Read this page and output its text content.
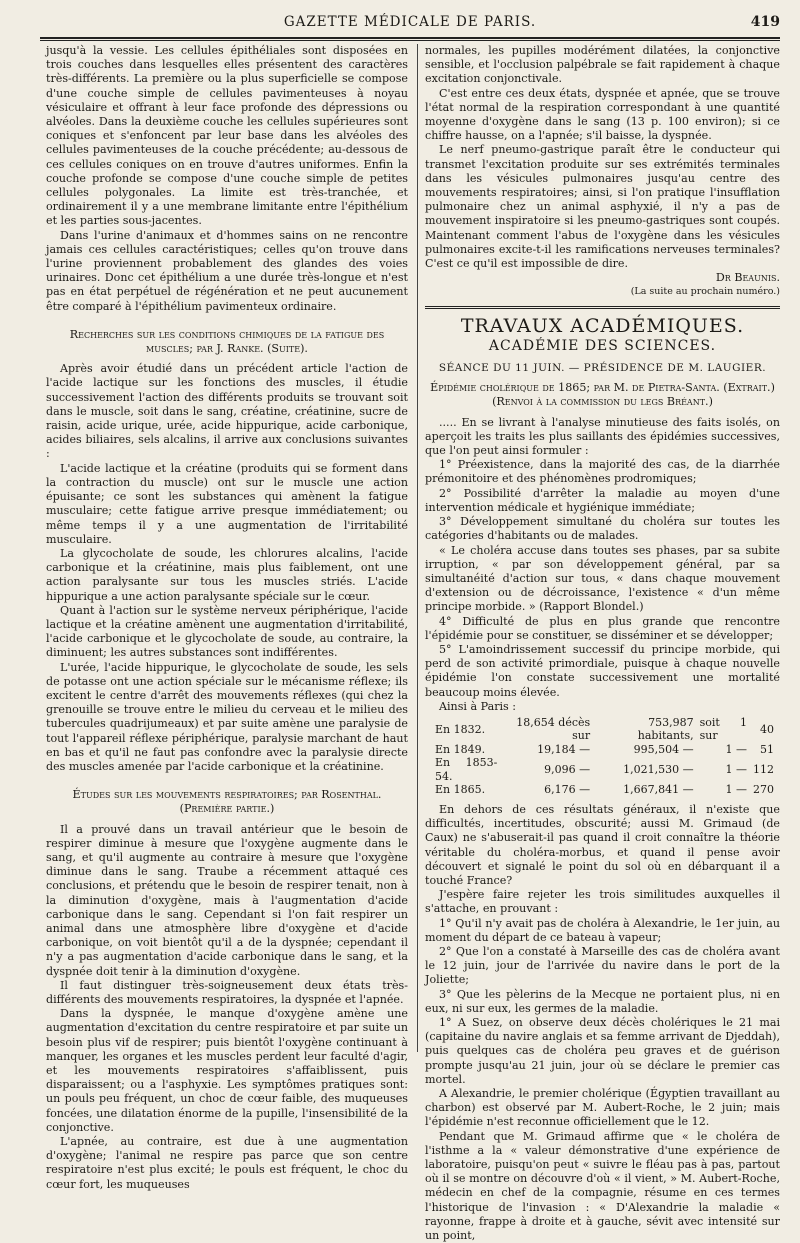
GAZETTE MÉDICALE DE PARIS.	419

jusqu'à la vessie. Les cellules épithéliales sont disposées en trois couches dans lesquelles elles présentent des caractères très-différents. La première ou la plus superficielle se compose d'une couche simple de cellules pavimenteuses à noyau vésiculaire et offrant à leur face profonde des dépressions ou alvéoles. Dans la deuxième couche les cellules supérieures sont coniques et s'enfoncent par leur base dans les alvéoles des cellules pavimenteuses de la couche précédente; au-dessous de ces cellules coniques on en trouve d'autres uniformes. Enfin la couche profonde se compose d'une couche simple de petites cellules polygonales. La limite est très-tranchée, et ordinairement il y a une membrane limitante entre l'épithélium et les parties sous-jacentes.

Dans l'urine d'animaux et d'hommes sains on ne rencontre jamais ces cellules caractéristiques; celles qu'on trouve dans l'urine proviennent probablement des glandes des voies urinaires. Donc cet épithélium a une durée très-longue et n'est pas en état perpétuel de régénération et ne peut aucunement être comparé à l'épithélium pavimenteux ordinaire.

Recherches sur les conditions chimiques de la fatigue des muscles; par J. Ranke. (Suite).

Après avoir étudié dans un précédent article l'action de l'acide lactique sur les fonctions des muscles, il étudie successivement l'action des différents produits se trouvant soit dans le muscle, soit dans le sang, créatine, créatinine, sucre de raisin, acide urique, urée, acide hippurique, acide carbonique, acides biliaires, sels alcalins, il arrive aux conclusions suivantes :

L'acide lactique et la créatine (produits qui se forment dans la contraction du muscle) ont sur le muscle une action épuisante; ce sont les substances qui amènent la fatigue musculaire; cette fatigue arrive presque immédiatement; ou même temps il y a une augmentation de l'irritabilité musculaire.

La glycocholate de soude, les chlorures alcalins, l'acide carbonique et la créatinine, mais plus faiblement, ont une action paralysante sur tous les muscles striés. L'acide hippurique a une action paralysante spéciale sur le cœur.

Quant à l'action sur le système nerveux périphérique, l'acide lactique et la créatine amènent une augmentation d'irritabilité, l'acide carbonique et le glycocholate de soude, au contraire, la diminuent; les autres substances sont indifférentes.

L'urée, l'acide hippurique, le glycocholate de soude, les sels de potasse ont une action spéciale sur le mécanisme réflexe; ils excitent le centre d'arrêt des mouvements réflexes (qui chez la grenouille se trouve entre le milieu du cerveau et le milieu des tubercules quadrijumeaux) et par suite amène une paralysie de tout l'appareil réflexe périphérique, paralysie marchant de haut en bas et qu'il ne faut pas confondre avec la paralysie directe des muscles amenée par l'acide carbonique et la créatinine.

Études sur les mouvements respiratoires; par Rosenthal. (Première partie.)

Il a prouvé dans un travail antérieur que le besoin de respirer diminue à mesure que l'oxygène augmente dans le sang, et qu'il augmente au contraire à mesure que l'oxygène diminue dans le sang. Traube a récemment attaqué ces conclusions, et prétendu que le besoin de respirer tenait, non à la diminution d'oxygène, mais à l'augmentation d'acide carbonique dans le sang. Cependant si l'on fait respirer un animal dans une atmosphère libre d'oxygène et d'acide carbonique, on voit bientôt qu'il a de la dyspnée; cependant il n'y a pas augmentation d'acide carbonique dans le sang, et la dyspnée doit tenir à la diminution d'oxygène.

Il faut distinguer très-soigneusement deux états très-différents des mouvements respiratoires, la dyspnée et l'apnée.

Dans la dyspnée, le manque d'oxygène amène une augmentation d'excitation du centre respiratoire et par suite un besoin plus vif de respirer; puis bientôt l'oxygène continuant à manquer, les organes et les muscles perdent leur faculté d'agir, et les mouvements respiratoires s'affaiblissent, puis disparaissent; ou a l'asphyxie. Les symptômes pratiques sont: un pouls peu fréquent, un choc de cœur faible, des muqueuses foncées, une dilatation énorme de la pupille, l'insensibilité de la conjonctive.

L'apnée, au contraire, est due à une augmentation d'oxygène; l'animal ne respire pas parce que son centre respiratoire n'est plus excité; le pouls est fréquent, le choc du cœur fort, les muqueuses

normales, les pupilles modérément dilatées, la conjonctive sensible, et l'occlusion palpébrale se fait rapidement à chaque excitation conjonctivale.

C'est entre ces deux états, dyspnée et apnée, que se trouve l'état normal de la respiration correspondant à une quantité moyenne d'oxygène dans le sang (13 p. 100 environ); si ce chiffre hausse, on a l'apnée; s'il baisse, la dyspnée.

Le nerf pneumo-gastrique paraît être le conducteur qui transmet l'excitation produite sur ses extrémités terminales dans les vésicules pulmonaires jusqu'au centre des mouvements respiratoires; ainsi, si l'on pratique l'insufflation pulmonaire chez un animal asphyxié, il n'y a pas de mouvement inspiratoire si les pneumo-gastriques sont coupés. Maintenant comment l'abus de l'oxygène dans les vésicules pulmonaires excite-t-il les ramifications nerveuses terminales? C'est ce qu'il est impossible de dire.

Dr Beaunis.

(La suite au prochain numéro.)

TRAVAUX ACADÉMIQUES.

ACADÉMIE DES SCIENCES.

SÉANCE DU 11 JUIN. — PRÉSIDENCE DE M. LAUGIER.

Épidémie cholérique de 1865; par M. de Pietra-Santa. (Extrait.) (Renvoi à la commission du legs Bréant.)

..... En se livrant à l'analyse minutieuse des faits isolés, on aperçoit les traits les plus saillants des épidémies successives, que l'on peut ainsi formuler :

1° Préexistence, dans la majorité des cas, de la diarrhée prémonitoire et des phénomènes prodromiques;

2° Possibilité d'arrêter la maladie au moyen d'une intervention médicale et hygiénique immédiate;

3° Développement simultané du choléra sur toutes les catégories d'habitants ou de malades.

« Le choléra accuse dans toutes ses phases, par sa subite irruption, « par son développement général, par sa simultanéité d'action sur tous, « dans chaque mouvement d'extension ou de décroissance, l'existence « d'un même principe morbide. » (Rapport Blondel.)

4° Difficulté de plus en plus grande que rencontre l'épidémie pour se constituer, se disséminer et se développer;

5° L'amoindrissement successif du principe morbide, qui perd de son activité primordiale, puisque à chaque nouvelle épidémie l'on constate successivement une mortalité beaucoup moins élevée.

Ainsi à Paris :

En 1832.	18,654 décès sur	753,987 habitants,	soit 1 sur	40
En 1849.	19,184 —	995,504 —	1 —	51
En 1853-54.	9,096 —	1,021,530 —	1 —	112
En 1865.	6,176 —	1,667,841 —	1 —	270

En dehors de ces résultats généraux, il n'existe que difficultés, incertitudes, obscurité; aussi M. Grimaud (de Caux) ne s'abuserait-il pas quand il croit connaître la théorie véritable du choléra-morbus, et quand il pense avoir découvert et signalé le point du sol où en débarquant il a touché France?

J'espère faire rejeter les trois similitudes auxquelles il s'attache, en prouvant :

1° Qu'il n'y avait pas de choléra à Alexandrie, le 1er juin, au moment du départ de ce bateau à vapeur;

2° Que l'on a constaté à Marseille des cas de choléra avant le 12 juin, jour de l'arrivée du navire dans le port de la Joliette;

3° Que les pèlerins de la Mecque ne portaient plus, ni en eux, ni sur eux, les germes de la maladie.

1° A Suez, on observe deux décès cholériques le 21 mai (capitaine du navire anglais et sa femme arrivant de Djeddah), puis quelques cas de choléra peu graves et de guérison prompte jusqu'au 21 juin, jour où se déclare le premier cas mortel.

A Alexandrie, le premier cholérique (Égyptien travaillant au charbon) est observé par M. Aubert-Roche, le 2 juin; mais l'épidémie n'est reconnue officiellement que le 12.

Pendant que M. Grimaud affirme que « le choléra de l'isthme a la « valeur démonstrative d'une expérience de laboratoire, puisqu'on peut « suivre le fléau pas à pas, partout où il se montre on découvre d'où « il vient, » M. Aubert-Roche, médecin en chef de la compagnie, résume en ces termes l'historique de l'invasion : « D'Alexandrie la maladie « rayonne, frappe à droite et à gauche, sévit avec intensité sur un point,
